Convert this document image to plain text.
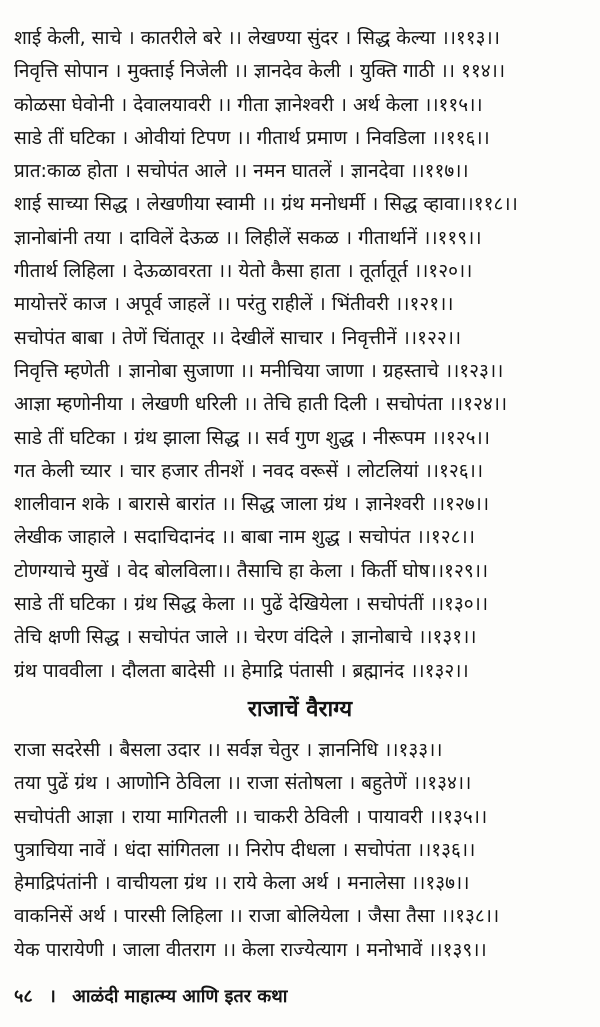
शाई केली, साचे । कातरीले बरे ।। लेखण्या सुंदर । सिद्ध केल्या ।।११३।।
निवृत्ति सोपान । मुक्ताई निजेली ।। ज्ञानदेव केली । युक्ति गाठी ।। ११४।।
कोळसा घेवोनी । देवालयावरी ।। गीता ज्ञानेश्वरी । अर्थ केला ।।११५।।
साडे तीं घटिका । ओवीयां टिपण ।। गीतार्थ प्रमाण । निवडिला ।।११६।।
प्रात:काळ होता । सचोपंत आले ।। नमन घातलें । ज्ञानदेवा ।।११७।।
शाई साच्या सिद्ध । लेखणीया स्वामी ।। ग्रंथ मनोधर्मी । सिद्ध व्हावा।।११८।।
ज्ञानोबांनी तया । दाविलें देऊळ ।। लिहीलें सकळ । गीतार्थानें ।।११९।।
गीतार्थ लिहिला । देऊळावरता ।। येतो कैसा हाता । तूर्तातूर्त ।।१२०।।
मायोत्तरें काज । अपूर्व जाहलें ।। परंतु राहीलें । भिंतीवरी ।।१२१।।
सचोपंत बाबा । तेणें चिंतातूर ।। देखीलें साचार । निवृत्तीनें ।।१२२।।
निवृत्ति म्हणेती । ज्ञानोबा सुजाणा ।। मनीचिया जाणा । ग्रहस्ताचे ।।१२३।।
आज्ञा म्हणोनीया । लेखणी धरिली ।। तेचि हाती दिली । सचोपंता ।।१२४।।
साडे तीं घटिका । ग्रंथ झाला सिद्ध ।। सर्व गुण शुद्ध । नीरूपम ।।१२५।।
गत केली च्यार । चार हजार तीनशें । नवद वरूसें । लोटलियां ।।१२६।।
शालीवान शके । बारासे बारांत ।। सिद्ध जाला ग्रंथ । ज्ञानेश्वरी ।।१२७।।
लेखीक जाहाले । सदाचिदानंद ।। बाबा नाम शुद्ध । सचोपंत ।।१२८।।
टोणग्याचे मुखें । वेद बोलविला।। तैसाचि हा केला । किर्ती घोष।।१२९।।
साडे तीं घटिका । ग्रंथ सिद्ध केला ।। पुढें देखियेला । सचोपंतीं ।।१३०।।
तेचि क्षणी सिद्ध । सचोपंत जाले ।। चेरण वंदिले । ज्ञानोबाचे ।।१३१।।
ग्रंथ पाववीला । दौलता बादेसी ।। हेमाद्रि पंतासी । ब्रह्मानंद ।।१३२।।
राजाचें वैराग्य
राजा सदरेसी । बैसला उदार ।। सर्वज्ञ चेतुर । ज्ञाननिधि ।।१३३।।
तया पुढें ग्रंथ । आणोनि ठेविला ।। राजा संतोषला । बहुतेणें ।।१३४।।
सचोपंती आज्ञा । राया मागितली ।। चाकरी ठेविली । पायावरी ।।१३५।।
पुत्राचिया नावें । धंदा सांगितला ।। निरोप दीधला । सचोपंता ।।१३६।।
हेमाद्रिपंतांनी । वाचीयला ग्रंथ ।। राये केला अर्थ । मनालेसा ।।१३७।।
वाकनिसें अर्थ । पारसी लिहिला ।। राजा बोलियेला । जैसा तैसा ।।१३८।।
येक पारायेणी । जाला वीतराग ।। केला राज्येत्याग । मनोभावें ।।१३९।।
५८ । आळंदी माहात्म्य आणि इतर कथा
